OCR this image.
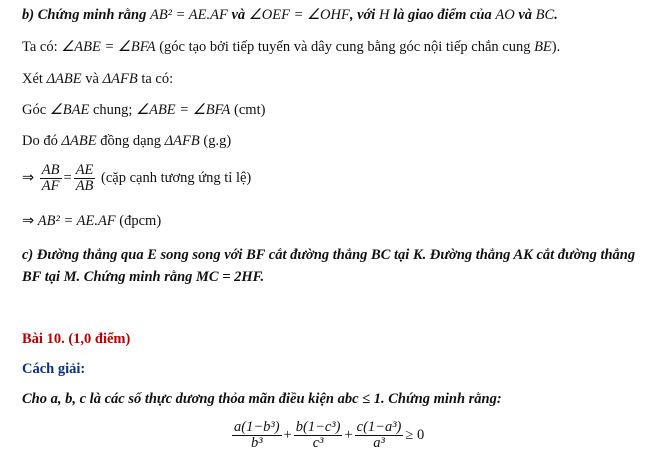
b) Chứng minh rằng AB² = AE.AF và ∠OEF = ∠OHF, với H là giao điểm của AO và BC.
Ta có: ∠ABE = ∠BFA (góc tạo bởi tiếp tuyến và dây cung bằng góc nội tiếp chắn cung BE).
Xét ΔABE và ΔAFB ta có:
Góc ∠BAE chung; ∠ABE = ∠BFA (cmt)
Do đó ΔABE đồng dạng ΔAFB (g.g)
⇒ $\frac{AB}{AF} = \frac{AE}{AB}$ (cặp cạnh tương ứng tỉ lệ)
⇒ AB² = AE.AF (đpcm)
c) Đường thẳng qua E song song với BF cắt đường thẳng BC tại K. Đường thẳng AK cắt đường thẳng
BF tại M. Chứng minh rằng MC = 2HF.
Bài 10. (1,0 điểm)
Cách giải:
Cho a, b, c là các số thực dương thỏa mãn điều kiện abc ≤ 1. Chứng minh rằng:
$\frac{\text{a(1−b³)}}{\text{b³}} + \frac{\text{b(1−c³)}}{\text{c³}} + \frac{\text{c(1−a³)}}{\text{a³}} \ge 0$
